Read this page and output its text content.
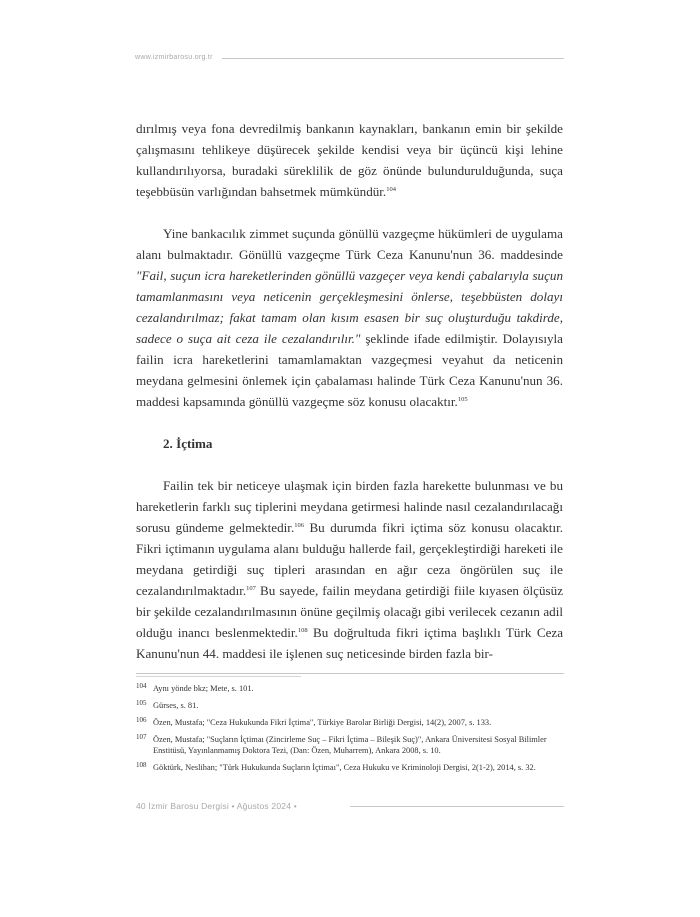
www.izmirbarosu.org.tr

dırılmış veya fona devredilmiş bankanın kaynakları, bankanın emin bir şekilde çalışmasını tehlikeye düşürecek şekilde kendisi veya bir üçüncü kişi lehine kullandırılıyorsa, buradaki süreklilik de göz önünde bulundurulduğunda, suça teşebbüsün varlığından bahsetmek mümkündür.$^{104}$

Yine bankacılık zimmet suçunda gönüllü vazgeçme hükümleri de uygulama alanı bulmaktadır. Gönüllü vazgeçme Türk Ceza Kanunu'nun 36. maddesinde "Fail, suçun icra hareketlerinden gönüllü vazgeçer veya kendi çabalarıyla suçun tamamlanmasını veya neticenin gerçekleşmesini önlerse, teşebbüsten dolayı cezalandırılmaz; fakat tamam olan kısım esasen bir suç oluşturduğu takdirde, sadece o suça ait ceza ile cezalandırılır." şeklinde ifade edilmiştir. Dolayısıyla failin icra hareketlerini tamamlamaktan vazgeçmesi veyahut da neticenin meydana gelmesini önlemek için çabalaması halinde Türk Ceza Kanunu'nun 36. maddesi kapsamında gönüllü vazgeçme söz konusu olacaktır.$^{105}$

2. İçtima

Failin tek bir neticeye ulaşmak için birden fazla harekette bulunması ve bu hareketlerin farklı suç tiplerini meydana getirmesi halinde nasıl cezalandırılacağı sorusu gündeme gelmektedir.$^{106}$ Bu durumda fikri içtima söz konusu olacaktır. Fikri içtimanın uygulama alanı bulduğu hallerde fail, gerçekleştirdiği hareketi ile meydana getirdiği suç tipleri arasından en ağır ceza öngörülen suç ile cezalandırılmaktadır.$^{107}$ Bu sayede, failin meydana getirdiği fiile kıyasen ölçüsüz bir şekilde cezalandırılmasının önüne geçilmiş olacağı gibi verilecek cezanın adil olduğu inancı beslenmektedir.$^{108}$ Bu doğrultuda fikri içtima başlıklı Türk Ceza Kanunu'nun 44. maddesi ile işlenen suç neticesinde birden fazla bir-

104 Aynı yönde bkz; Mete, s. 101.
105 Gürses, s. 81.
106 Özen, Mustafa; "Ceza Hukukunda Fikri İçtima", Türkiye Barolar Birliği Dergisi, 14(2), 2007, s. 133.
107 Özen, Mustafa; "Suçların İçtimaı (Zincirleme Suç – Fikri İçtima – Bileşik Suç)", Ankara Üniversitesi Sosyal Bilimler Enstitüsü, Yayınlanmamış Doktora Tezi, (Dan: Özen, Muharrem), Ankara 2008, s. 10.
108 Göktürk, Neslihan; "Türk Hukukunda Suçların İçtimaı", Ceza Hukuku ve Kriminoloji Dergisi, 2(1-2), 2014, s. 32.
40 İzmir Barosu Dergisi • Ağustos 2024 •
